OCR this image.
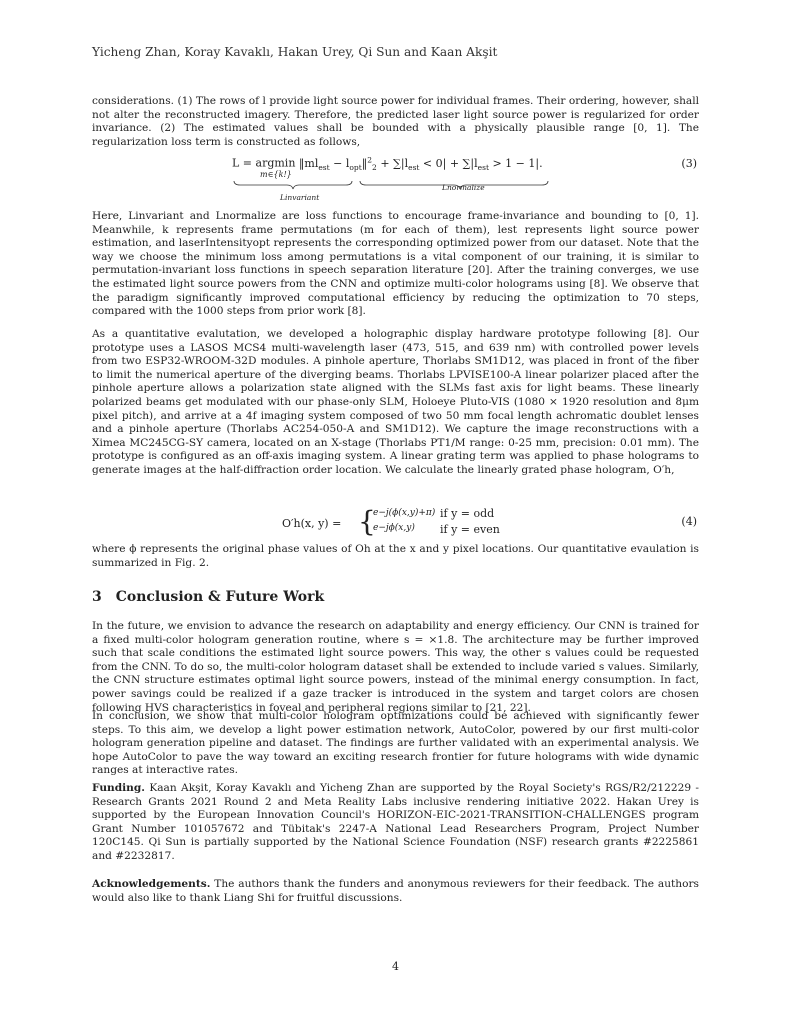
Yicheng Zhan, Koray Kavaklı, Hakan Urey, Qi Sun and Kaan Akşit

considerations. (1) The rows of l provide light source power for individual frames. Their ordering, however, shall not alter the reconstructed imagery. Therefore, the predicted laser light source power is regularized for order invariance. (2) The estimated values shall be bounded with a physically plausible range [0, 1]. The regularization loss term is constructed as follows,

L = argmin $‖ml_{est}$ − $l_{opt}‖^2_2 + \sum|l_{est} < 0| + \sum|l_{est} > 1 - 1|$.
m∈{k!}
Linvariant
Lnormalize
(3)

Here, Linvariant and Lnormalize are loss functions to encourage frame-invariance and bounding to [0, 1]. Meanwhile, k represents frame permutations (m for each of them), lest represents light source power estimation, and laserIntensityopt represents the corresponding optimized power from our dataset. Note that the way we choose the minimum loss among permutations is a vital component of our training, it is similar to permutation-invariant loss functions in speech separation literature [20]. After the training converges, we use the estimated light source powers from the CNN and optimize multi-color holograms using [8]. We observe that the paradigm significantly improved computational efficiency by reducing the optimization to 70 steps, compared with the 1000 steps from prior work [8].

As a quantitative evalutation, we developed a holographic display hardware prototype following [8]. Our prototype uses a LASOS MCS4 multi-wavelength laser (473, 515, and 639 nm) with controlled power levels from two ESP32-WROOM-32D modules. A pinhole aperture, Thorlabs SM1D12, was placed in front of the fiber to limit the numerical aperture of the diverging beams. Thorlabs LPVISE100-A linear polarizer placed after the pinhole aperture allows a polarization state aligned with the SLMs fast axis for light beams. These linearly polarized beams get modulated with our phase-only SLM, Holoeye Pluto-VIS (1080 × 1920 resolution and 8μm pixel pitch), and arrive at a 4f imaging system composed of two 50 mm focal length achromatic doublet lenses and a pinhole aperture (Thorlabs AC254-050-A and SM1D12). We capture the image reconstructions with a Ximea MC245CG-SY camera, located on an X-stage (Thorlabs PT1/M range: 0-25 mm, precision: 0.01 mm). The prototype is configured as an off-axis imaging system. A linear grating term was applied to phase holograms to generate images at the half-diffraction order location. We calculate the linearly grated phase hologram, O′h,

O′h(x, y) = {
e−j(ϕ(x,y)+π) if y = odd
e−jϕ(x,y) if y = even
(4)

where ϕ represents the original phase values of Oh at the x and y pixel locations. Our quantitative evaulation is summarized in Fig. 2.

3 Conclusion & Future Work

In the future, we envision to advance the research on adaptability and energy efficiency. Our CNN is trained for a fixed multi-color hologram generation routine, where s = ×1.8. The architecture may be further improved such that scale conditions the estimated light source powers. This way, the other s values could be requested from the CNN. To do so, the multi-color hologram dataset shall be extended to include varied s values. Similarly, the CNN structure estimates optimal light source powers, instead of the minimal energy consumption. In fact, power savings could be realized if a gaze tracker is introduced in the system and target colors are chosen following HVS characteristics in foveal and peripheral regions similar to [21, 22].

In conclusion, we show that multi-color hologram optimizations could be achieved with significantly fewer steps. To this aim, we develop a light power estimation network, AutoColor, powered by our first multi-color hologram generation pipeline and dataset. The findings are further validated with an experimental analysis. We hope AutoColor to pave the way toward an exciting research frontier for future holograms with wide dynamic ranges at interactive rates.

Funding. Kaan Akşit, Koray Kavaklı and Yicheng Zhan are supported by the Royal Society's RGS/R2/212229 - Research Grants 2021 Round 2 and Meta Reality Labs inclusive rendering initiative 2022. Hakan Urey is supported by the European Innovation Council's HORIZON-EIC-2021-TRANSITION-CHALLENGES program Grant Number 101057672 and Tübitak's 2247-A National Lead Researchers Program, Project Number 120C145. Qi Sun is partially supported by the National Science Foundation (NSF) research grants #2225861 and #2232817.

Acknowledgements. The authors thank the funders and anonymous reviewers for their feedback. The authors would also like to thank Liang Shi for fruitful discussions.

4
